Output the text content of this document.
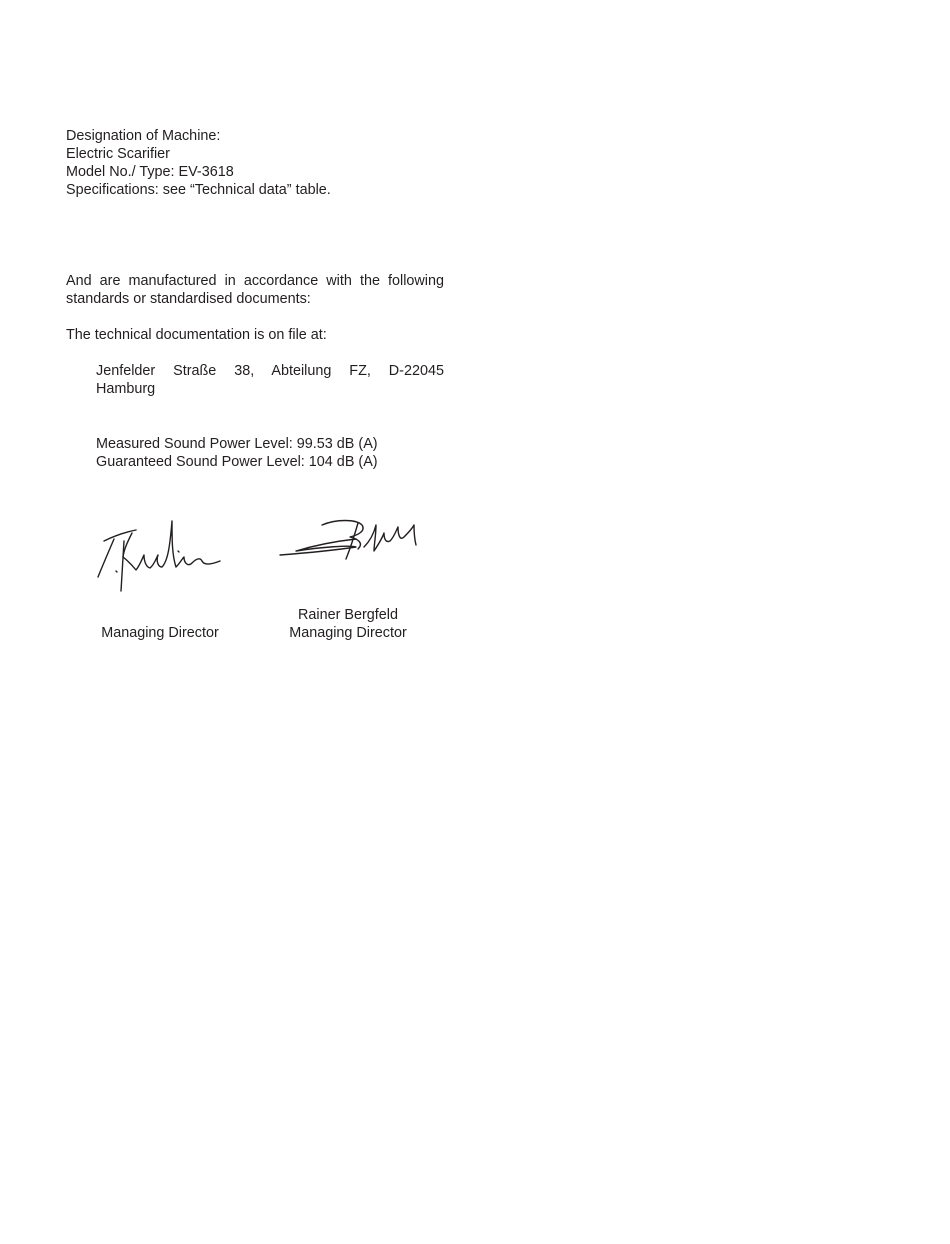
Designation of Machine:
Electric Scarifier
Model No./ Type: EV-3618
Specifications: see “Technical data” table.
And are manufactured in accordance with the following standards or standardised documents:
The technical documentation is on file at:
Jenfelder Straße 38, Abteilung FZ, D-22045
Hamburg
Measured Sound Power Level: 99.53 dB (A)
Guaranteed Sound Power Level: 104 dB (A)
Managing Director
Rainer Bergfeld
Managing Director
